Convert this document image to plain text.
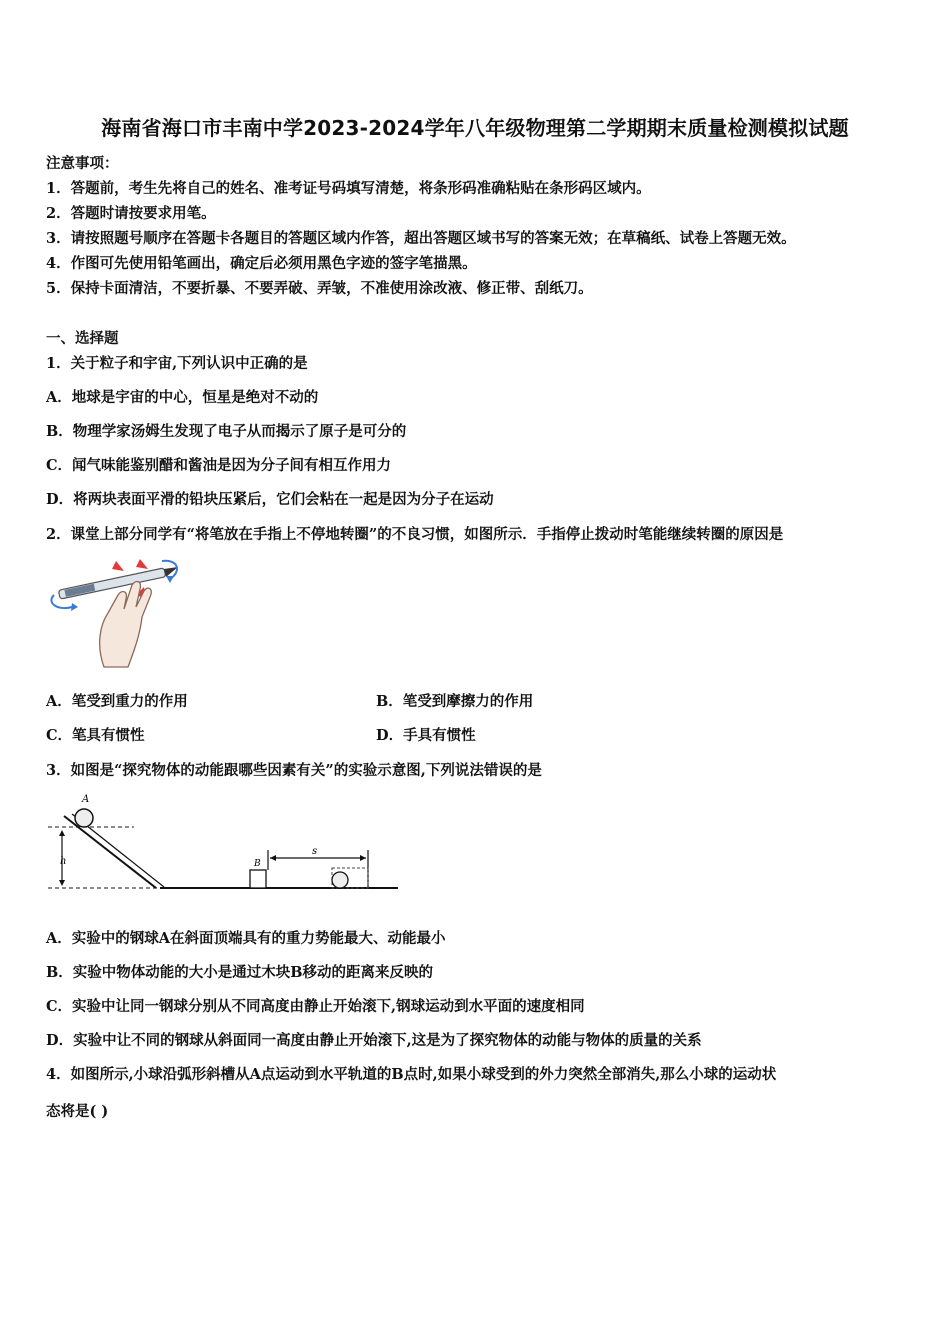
海南省海口市丰南中学2023-2024学年八年级物理第二学期期末质量检测模拟试题
注意事项：
1．答题前，考生先将自己的姓名、准考证号码填写清楚，将条形码准确粘贴在条形码区域内。
2．答题时请按要求用笔。
3．请按照题号顺序在答题卡各题目的答题区域内作答，超出答题区域书写的答案无效；在草稿纸、试卷上答题无效。
4．作图可先使用铅笔画出，确定后必须用黑色字迹的签字笔描黑。
5．保持卡面清洁，不要折暴、不要弄破、弄皱，不准使用涂改液、修正带、刮纸刀。
一、选择题
1．关于粒子和宇宙,下列认识中正确的是
A．地球是宇宙的中心，恒星是绝对不动的
B．物理学家汤姆生发现了电子从而揭示了原子是可分的
C．闻气味能鉴别醋和酱油是因为分子间有相互作用力
D．将两块表面平滑的铅块压紧后，它们会粘在一起是因为分子在运动
2．课堂上部分同学有“将笔放在手指上不停地转圈”的不良习惯，如图所示．手指停止拨动时笔能继续转圈的原因是
A．笔受到重力的作用	B．笔受到摩擦力的作用
C．笔具有惯性	D．手具有惯性
3．如图是“探究物体的动能跟哪些因素有关”的实验示意图,下列说法错误的是
h
A
B
s
A．实验中的钢球A在斜面顶端具有的重力势能最大、动能最小
B．实验中物体动能的大小是通过木块B移动的距离来反映的
C．实验中让同一钢球分别从不同高度由静止开始滚下,钢球运动到水平面的速度相同
D．实验中让不同的钢球从斜面同一高度由静止开始滚下,这是为了探究物体的动能与物体的质量的关系
4．如图所示,小球沿弧形斜槽从A点运动到水平轨道的B点时,如果小球受到的外力突然全部消失,那么小球的运动状
态将是( )
